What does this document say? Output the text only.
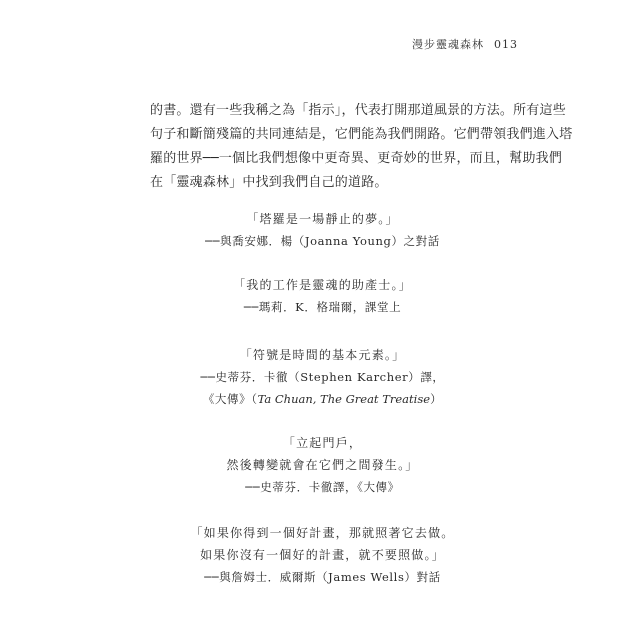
漫步靈魂森林 013

的書。還有一些我稱之為「指示」，代表打開那道風景的方法。所有這些
句子和斷簡殘篇的共同連結是，它們能為我們開路。它們帶領我們進入塔
羅的世界──一個比我們想像中更奇異、更奇妙的世界，而且，幫助我們
在「靈魂森林」中找到我們自己的道路。

「塔羅是一場靜止的夢。」
──與喬安娜．楊（Joanna Young）之對話
「我的工作是靈魂的助產士。」
──瑪莉．K．格瑞爾，課堂上
「符號是時間的基本元素。」
──史蒂芬．卡徹（Stephen Karcher）譯，
《大傳》（Ta Chuan, The Great Treatise）
「立起門戶，
然後轉變就會在它們之間發生。」
──史蒂芬．卡徹譯，《大傳》
「如果你得到一個好計畫，那就照著它去做。
如果你沒有一個好的計畫，就不要照做。」
──與詹姆士．威爾斯（James Wells）對話
